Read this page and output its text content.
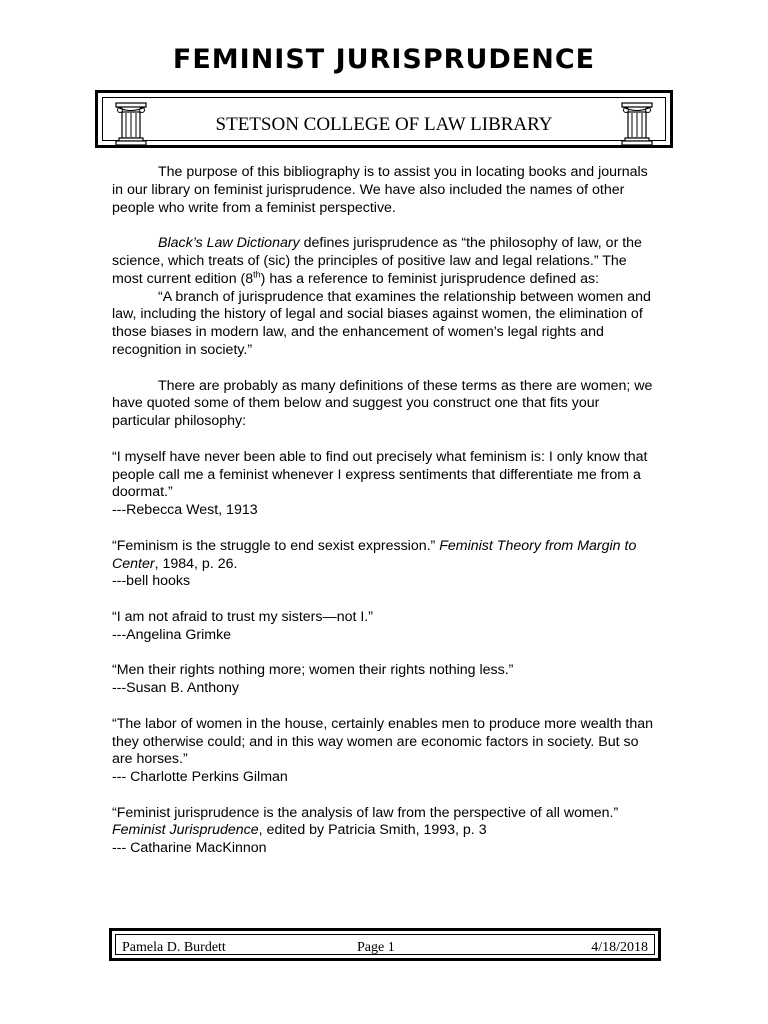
FEMINIST JURISPRUDENCE
STETSON COLLEGE OF LAW LIBRARY

The purpose of this bibliography is to assist you in locating books and journals in our library on feminist jurisprudence. We have also included the names of other people who write from a feminist perspective.

Black’s Law Dictionary defines jurisprudence as “the philosophy of law, or the science, which treats of (sic) the principles of positive law and legal relations.” The most current edition (8th) has a reference to feminist jurisprudence defined as:

“A branch of jurisprudence that examines the relationship between women and law, including the history of legal and social biases against women, the elimination of those biases in modern law, and the enhancement of women’s legal rights and recognition in society.”

There are probably as many definitions of these terms as there are women; we have quoted some of them below and suggest you construct one that fits your particular philosophy:

“I myself have never been able to find out precisely what feminism is: I only know that people call me a feminist whenever I express sentiments that differentiate me from a doormat.”

---Rebecca West, 1913

“Feminism is the struggle to end sexist expression.” Feminist Theory from Margin to Center, 1984, p. 26.

---bell hooks

“I am not afraid to trust my sisters—not I.”

---Angelina Grimke

“Men their rights nothing more; women their rights nothing less.”

---Susan B. Anthony

“The labor of women in the house, certainly enables men to produce more wealth than they otherwise could; and in this way women are economic factors in society. But so are horses.”

--- Charlotte Perkins Gilman

“Feminist jurisprudence is the analysis of law from the perspective of all women.”

Feminist Jurisprudence, edited by Patricia Smith, 1993, p. 3

--- Catharine MacKinnon

Pamela D. Burdett	Page 1	4/18/2018
